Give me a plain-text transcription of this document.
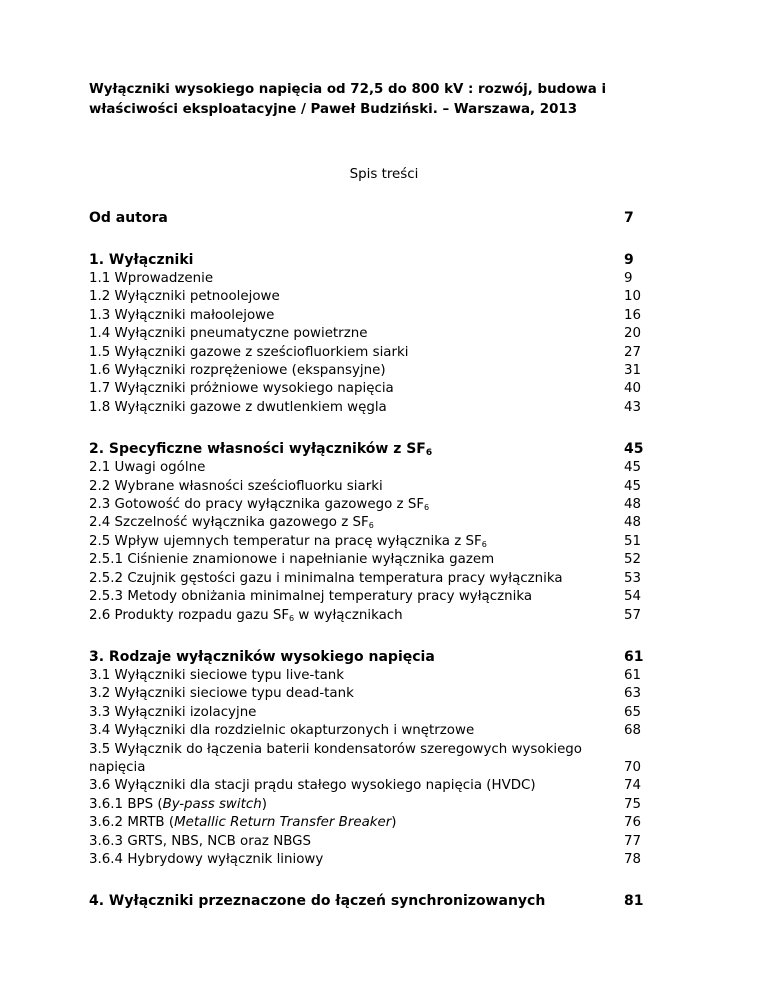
Wyłączniki wysokiego napięcia od 72,5 do 800 kV : rozwój, budowa i
właściwości eksploatacyjne / Paweł Budziński. – Warszawa, 2013
Spis treści
Od autora	7
1. Wyłączniki	9
1.1 Wprowadzenie	9
1.2 Wyłączniki petnoolejowe	10
1.3 Wyłączniki małoolejowe	16
1.4 Wyłączniki pneumatyczne powietrzne	20
1.5 Wyłączniki gazowe z sześciofluorkiem siarki	27
1.6 Wyłączniki rozprężeniowe (ekspansyjne)	31
1.7 Wyłączniki próżniowe wysokiego napięcia	40
1.8 Wyłączniki gazowe z dwutlenkiem węgla	43
2. Specyficzne własności wyłączników z $SF_6$	45
2.1 Uwagi ogólne	45
2.2 Wybrane własności sześciofluorku siarki	45
2.3 Gotowość do pracy wyłącznika gazowego z $SF_6$	48
2.4 Szczelność wyłącznika gazowego z $SF_6$	48
2.5 Wpływ ujemnych temperatur na pracę wyłącznika z $SF_6$	51
2.5.1 Ciśnienie znamionowe i napełnianie wyłącznika gazem	52
2.5.2 Czujnik gęstości gazu i minimalna temperatura pracy wyłącznika	53
2.5.3 Metody obniżania minimalnej temperatury pracy wyłącznika	54
2.6 Produkty rozpadu gazu $SF_6$ w wyłącznikach	57
3. Rodzaje wyłączników wysokiego napięcia	61
3.1 Wyłączniki sieciowe typu live-tank	61
3.2 Wyłączniki sieciowe typu dead-tank	63
3.3 Wyłączniki izolacyjne	65
3.4 Wyłączniki dla rozdzielnic okapturzonych i wnętrzowe	68
3.5 Wyłącznik do łączenia baterii kondensatorów szeregowych wysokiego
napięcia
	70
3.6 Wyłączniki dla stacji prądu stałego wysokiego napięcia (HVDC)	74
3.6.1 BPS (By-pass switch)	75
3.6.2 MRTB (Metallic Return Transfer Breaker)	76
3.6.3 GRTS, NBS, NCB oraz NBGS	77
3.6.4 Hybrydowy wyłącznik liniowy	78
4. Wyłączniki przeznaczone do łączeń synchronizowanych	81
